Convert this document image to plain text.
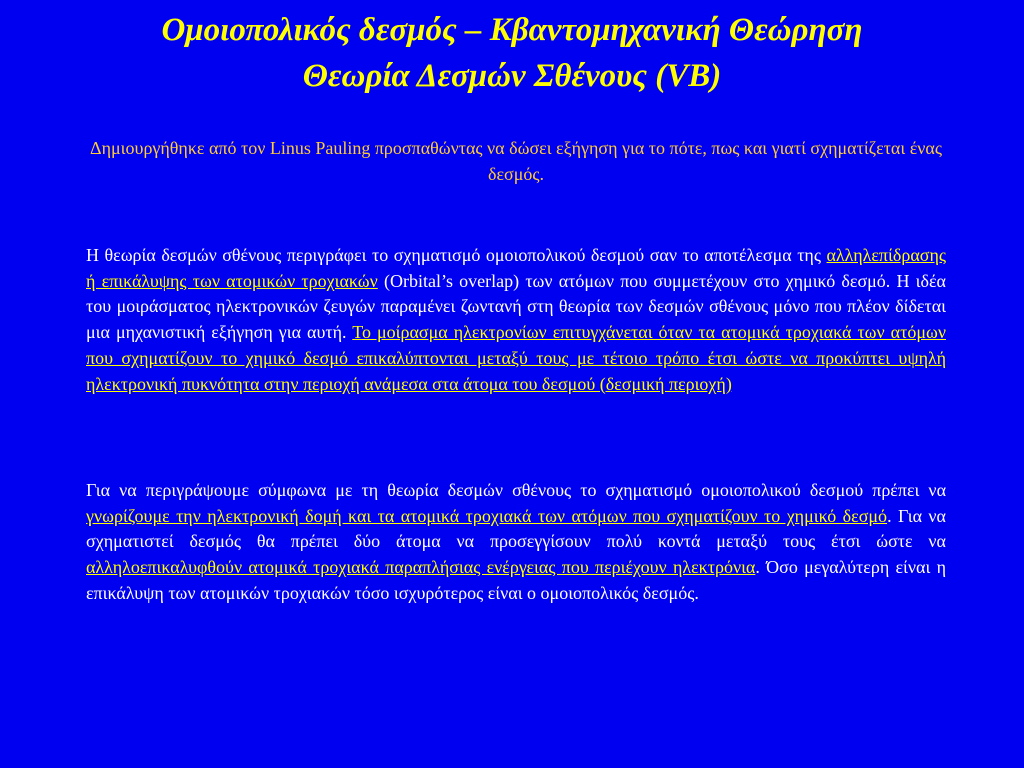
Ομοιοπολικός δεσμός – Κβαντομηχανική Θεώρηση
Θεωρία Δεσμών Σθένους (VB)

Δημιουργήθηκε από τον Linus Pauling προσπαθώντας να δώσει εξήγηση για το πότε, πως και γιατί σχηματίζεται ένας δεσμός.

Η θεωρία δεσμών σθένους περιγράφει το σχηματισμό ομοιοπολικού δεσμού σαν το αποτέλεσμα της αλληλεπίδρασης ή επικάλυψης των ατομικών τροχιακών (Orbital’s overlap) των ατόμων που συμμετέχουν στο χημικό δεσμό. Η ιδέα του μοιράσματος ηλεκτρονικών ζευγών παραμένει ζωντανή στη θεωρία των δεσμών σθένους μόνο που πλέον δίδεται μια μηχανιστική εξήγηση για αυτή. Το μοίρασμα ηλεκτρονίων επιτυγχάνεται όταν τα ατομικά τροχιακά των ατόμων που σχηματίζουν το χημικό δεσμό επικαλύπτονται μεταξύ τους με τέτοιο τρόπο έτσι ώστε να προκύπτει υψηλή ηλεκτρονική πυκνότητα στην περιοχή ανάμεσα στα άτομα του δεσμού (δεσμική περιοχή)

Για να περιγράψουμε σύμφωνα με τη θεωρία δεσμών σθένους το σχηματισμό ομοιοπολικού δεσμού πρέπει να γνωρίζουμε την ηλεκτρονική δομή και τα ατομικά τροχιακά των ατόμων που σχηματίζουν το χημικό δεσμό. Για να σχηματιστεί δεσμός θα πρέπει δύο άτομα να προσεγγίσουν πολύ κοντά μεταξύ τους έτσι ώστε να αλληλοεπικαλυφθούν ατομικά τροχιακά παραπλήσιας ενέργειας που περιέχουν ηλεκτρόνια. Όσο μεγαλύτερη είναι η επικάλυψη των ατομικών τροχιακών τόσο ισχυρότερος είναι ο ομοιοπολικός δεσμός.
